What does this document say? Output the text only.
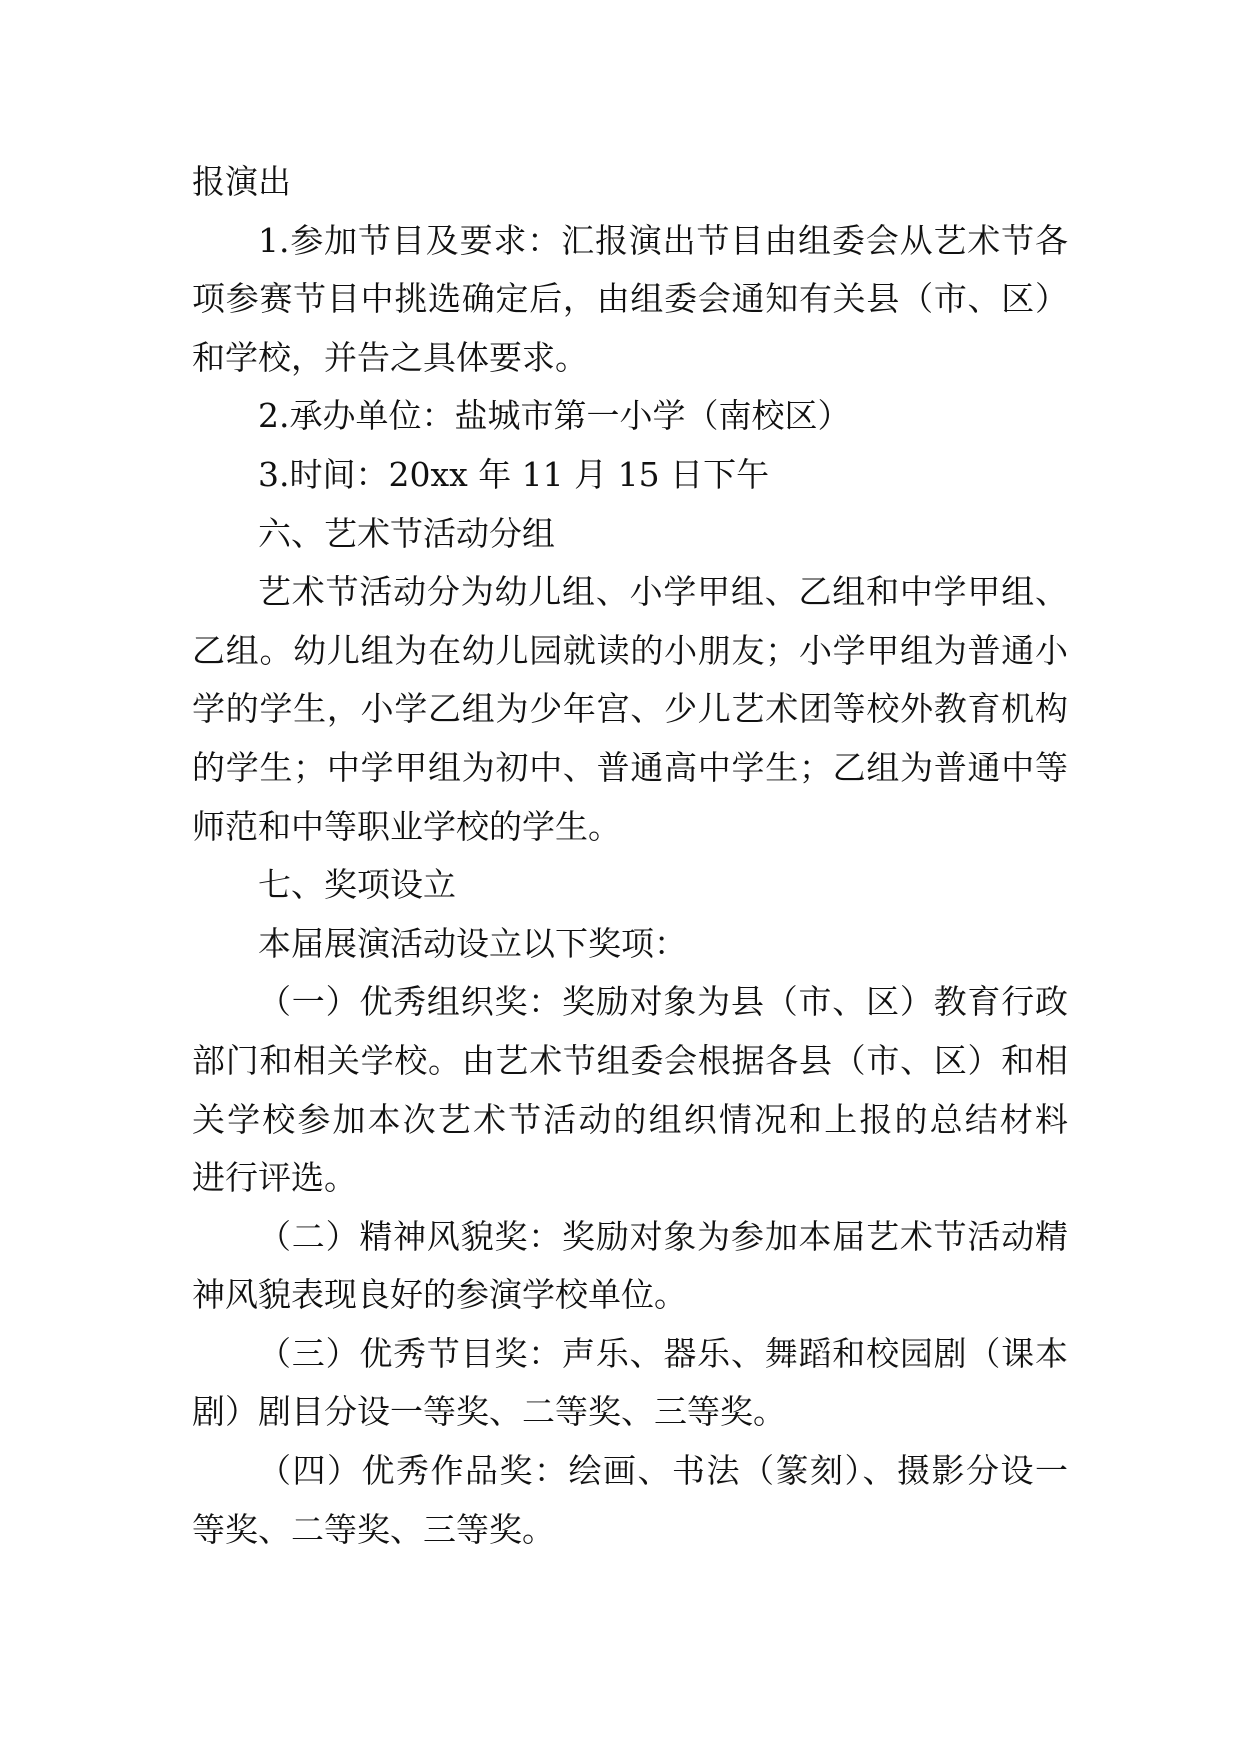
报演出
1.参加节目及要求：汇报演出节目由组委会从艺术节各
项参赛节目中挑选确定后，由组委会通知有关县（市、区）
和学校，并告之具体要求。
2.承办单位：盐城市第一小学（南校区）
3.时间：20xx 年 11 月 15 日下午
六、艺术节活动分组
艺术节活动分为幼儿组、小学甲组、乙组和中学甲组、
乙组。幼儿组为在幼儿园就读的小朋友；小学甲组为普通小
学的学生，小学乙组为少年宫、少儿艺术团等校外教育机构
的学生；中学甲组为初中、普通高中学生；乙组为普通中等
师范和中等职业学校的学生。
七、奖项设立
本届展演活动设立以下奖项：
（一）优秀组织奖：奖励对象为县（市、区）教育行政
部门和相关学校。由艺术节组委会根据各县（市、区）和相
关学校参加本次艺术节活动的组织情况和上报的总结材料
进行评选。
（二）精神风貌奖：奖励对象为参加本届艺术节活动精
神风貌表现良好的参演学校单位。
（三）优秀节目奖：声乐、器乐、舞蹈和校园剧（课本
剧）剧目分设一等奖、二等奖、三等奖。
（四）优秀作品奖：绘画、书法（篆刻）、摄影分设一
等奖、二等奖、三等奖。
